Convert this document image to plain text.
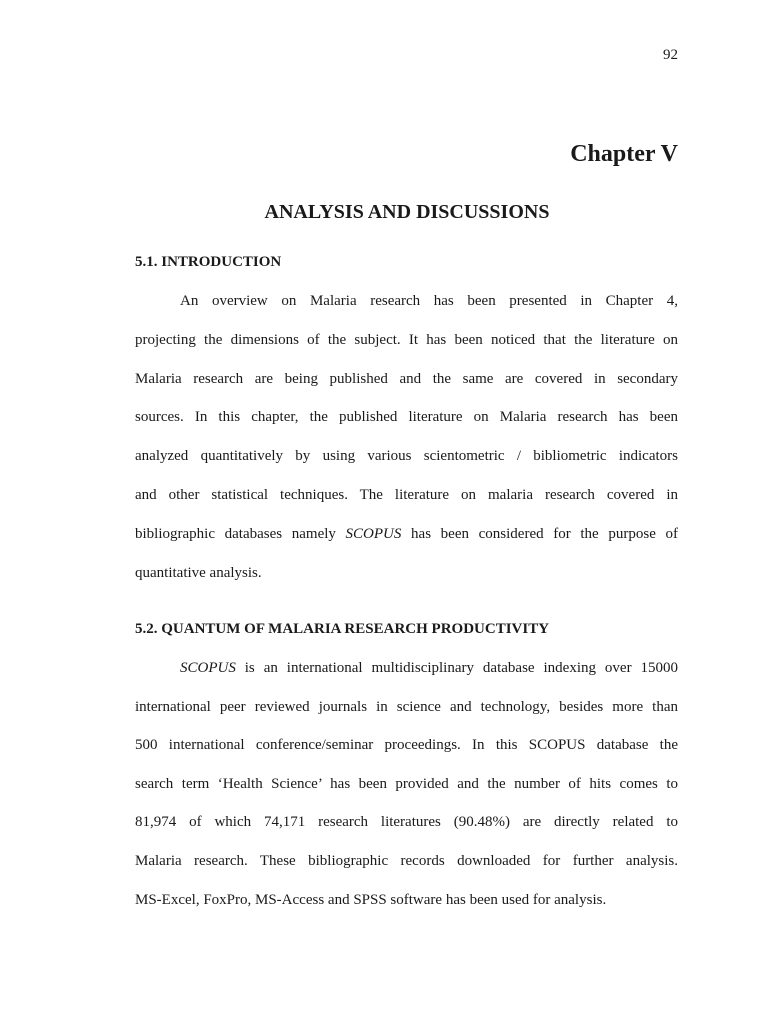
92

Chapter V
ANALYSIS AND DISCUSSIONS
5.1. INTRODUCTION
An overview on Malaria research has been presented in Chapter 4,
projecting the dimensions of the subject. It has been noticed that the literature on
Malaria research are being published and the same are covered in secondary
sources. In this chapter, the published literature on Malaria research has been
analyzed quantitatively by using various scientometric / bibliometric indicators
and other statistical techniques. The literature on malaria research covered in
bibliographic databases namely SCOPUS has been considered for the purpose of
quantitative analysis.
5.2. QUANTUM OF MALARIA RESEARCH PRODUCTIVITY
SCOPUS is an international multidisciplinary database indexing over 15000
international peer reviewed journals in science and technology, besides more than
500 international conference/seminar proceedings. In this SCOPUS database the
search term ‘Health Science’ has been provided and the number of hits comes to
81,974 of which 74,171 research literatures (90.48%) are directly related to
Malaria research. These bibliographic records downloaded for further analysis.
MS-Excel, FoxPro, MS-Access and SPSS software has been used for analysis.
